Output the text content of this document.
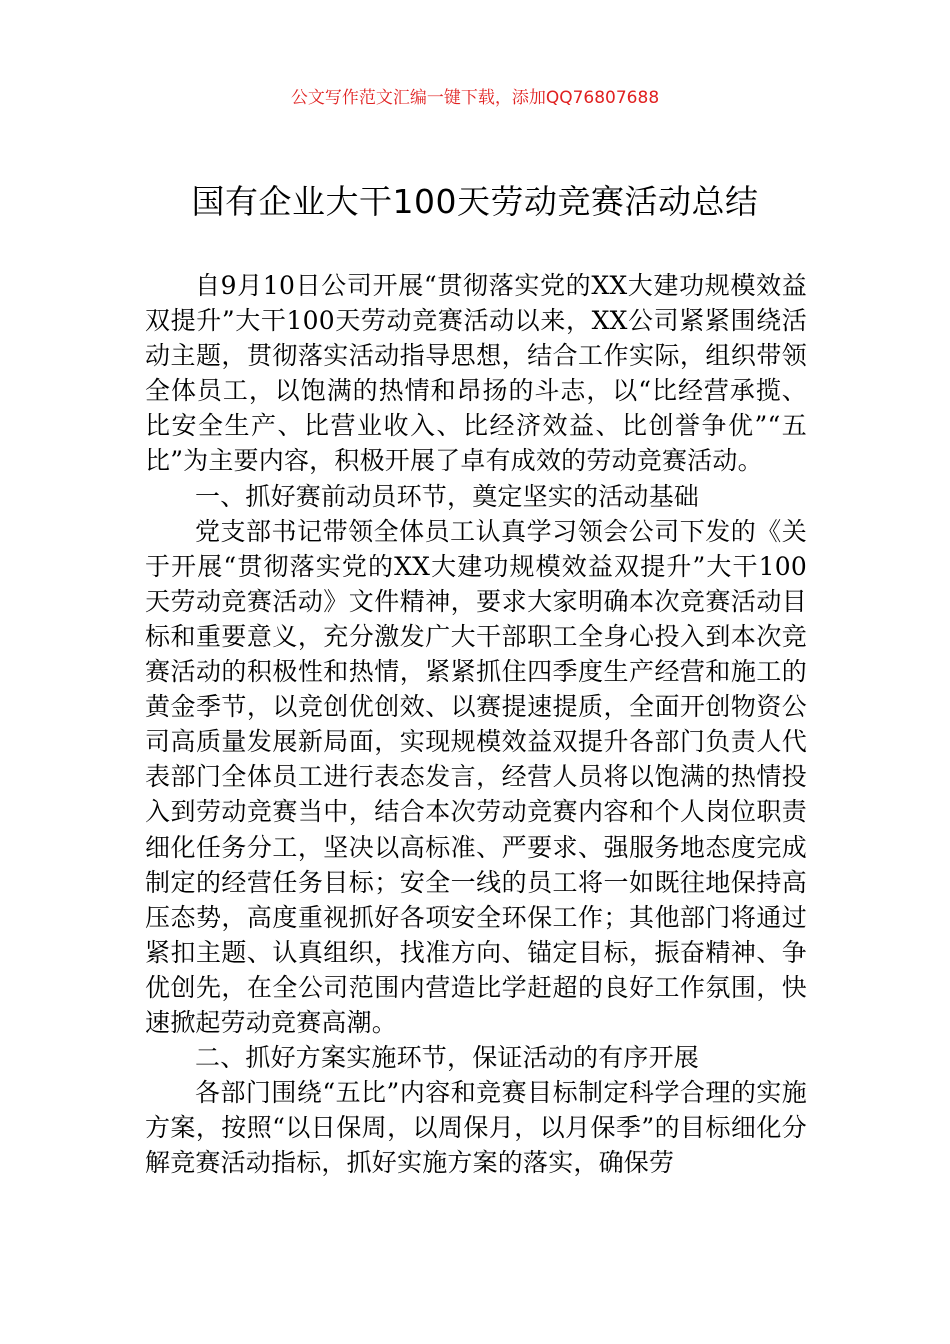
公文写作范文汇编一键下载，添加QQ76807688
国有企业大干100天劳动竞赛活动总结

自9月10日公司开展“贯彻落实党的XX大建功规模效益双提升”大干100天劳动竞赛活动以来，XX公司紧紧围绕活动主题，贯彻落实活动指导思想，结合工作实际，组织带领全体员工，以饱满的热情和昂扬的斗志，以“比经营承揽、比安全生产、比营业收入、比经济效益、比创誉争优”“五比”为主要内容，积极开展了卓有成效的劳动竞赛活动。

一、抓好赛前动员环节，奠定坚实的活动基础

党支部书记带领全体员工认真学习领会公司下发的《关于开展“贯彻落实党的XX大建功规模效益双提升”大干100天劳动竞赛活动》文件精神，要求大家明确本次竞赛活动目标和重要意义，充分激发广大干部职工全身心投入到本次竞赛活动的积极性和热情，紧紧抓住四季度生产经营和施工的黄金季节，以竞创优创效、以赛提速提质，全面开创物资公司高质量发展新局面，实现规模效益双提升各部门负责人代表部门全体员工进行表态发言，经营人员将以饱满的热情投入到劳动竞赛当中，结合本次劳动竞赛内容和个人岗位职责细化任务分工，坚决以高标准、严要求、强服务地态度完成制定的经营任务目标；安全一线的员工将一如既往地保持高压态势，高度重视抓好各项安全环保工作；其他部门将通过紧扣主题、认真组织，找准方向、锚定目标，振奋精神、争优创先，在全公司范围内营造比学赶超的良好工作氛围，快速掀起劳动竞赛高潮。

二、抓好方案实施环节，保证活动的有序开展

各部门围绕“五比”内容和竞赛目标制定科学合理的实施方案，按照“以日保周，以周保月，以月保季”的目标细化分解竞赛活动指标，抓好实施方案的落实，确保劳
